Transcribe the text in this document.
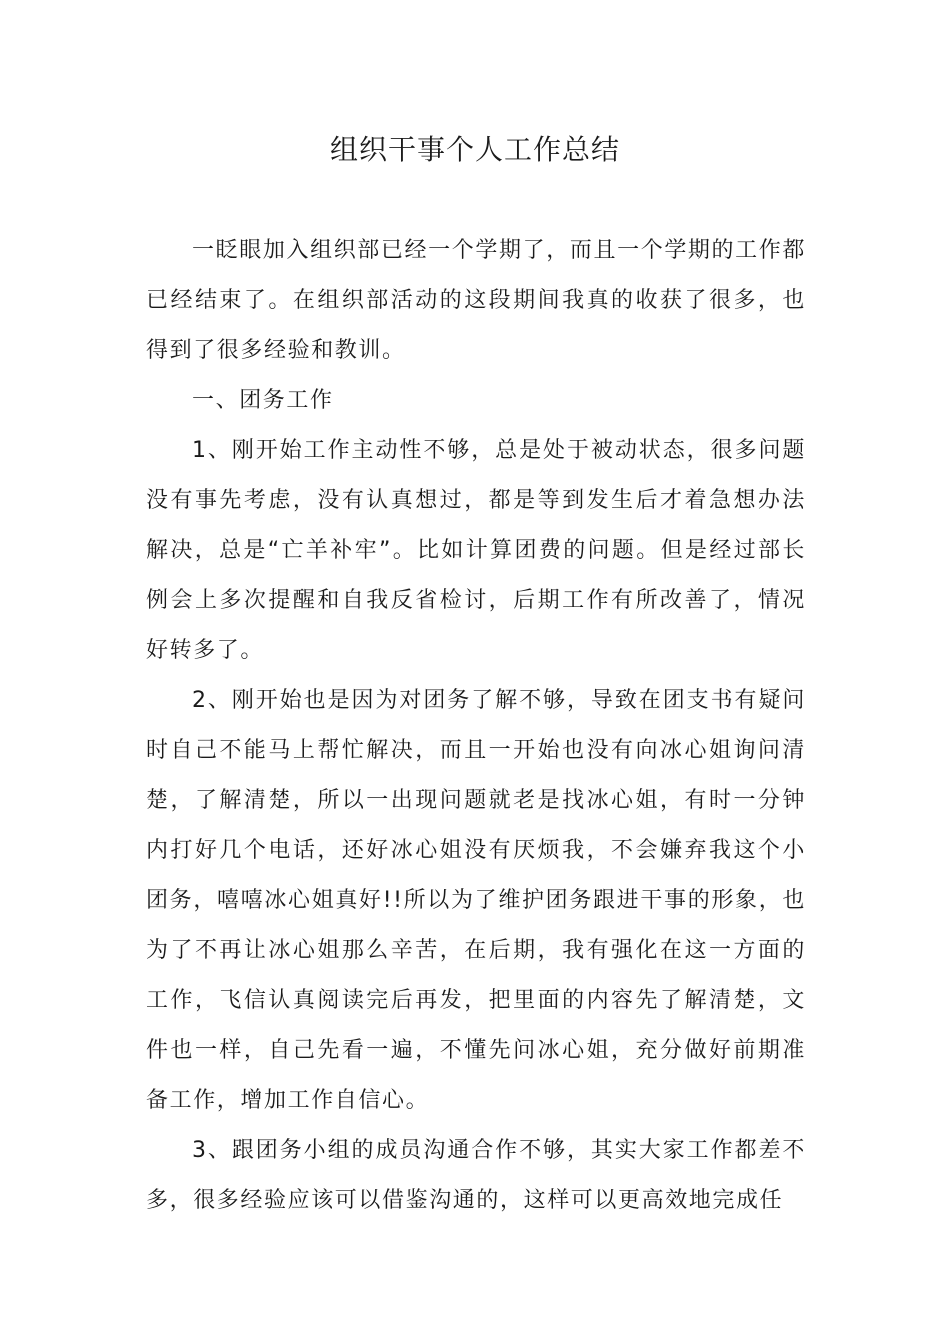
组织干事个人工作总结

一眨眼加入组织部已经一个学期了，而且一个学期的工作都已经结束了。在组织部活动的这段期间我真的收获了很多，也得到了很多经验和教训。

一、团务工作

1、刚开始工作主动性不够，总是处于被动状态，很多问题没有事先考虑，没有认真想过，都是等到发生后才着急想办法解决，总是“亡羊补牢”。比如计算团费的问题。但是经过部长例会上多次提醒和自我反省检讨，后期工作有所改善了，情况好转多了。

2、刚开始也是因为对团务了解不够，导致在团支书有疑问时自己不能马上帮忙解决，而且一开始也没有向冰心姐询问清楚，了解清楚，所以一出现问题就老是找冰心姐，有时一分钟内打好几个电话，还好冰心姐没有厌烦我，不会嫌弃我这个小团务，嘻嘻冰心姐真好!!所以为了维护团务跟进干事的形象，也为了不再让冰心姐那么辛苦，在后期，我有强化在这一方面的工作，飞信认真阅读完后再发，把里面的内容先了解清楚，文件也一样，自己先看一遍，不懂先问冰心姐，充分做好前期准备工作，增加工作自信心。

3、跟团务小组的成员沟通合作不够，其实大家工作都差不多，很多经验应该可以借鉴沟通的，这样可以更高效地完成任
